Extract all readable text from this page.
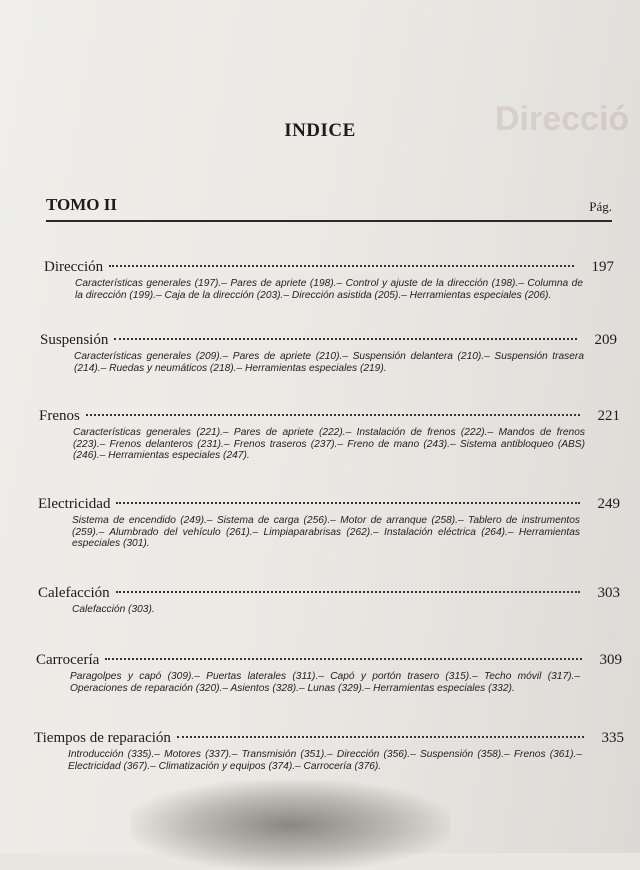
Direcció
INDICE
TOMO II	Pág.
Dirección	197
Características generales (197).– Pares de apriete (198).– Control y ajuste de la dirección (198).– Columna de la dirección (199).– Caja de la dirección (203).– Dirección asistida (205).– Herramientas especiales (206).
Suspensión	209
Características generales (209).– Pares de apriete (210).– Suspensión delantera (210).– Suspensión trasera (214).– Ruedas y neumáticos (218).– Herramientas especiales (219).
Frenos	221
Características generales (221).– Pares de apriete (222).– Instalación de frenos (222).– Mandos de frenos (223).– Frenos delanteros (231).– Frenos traseros (237).– Freno de mano (243).– Sistema antibloqueo (ABS) (246).– Herramientas especiales (247).
Electricidad	249
Sistema de encendido (249).– Sistema de carga (256).– Motor de arranque (258).– Tablero de instrumentos (259).– Alumbrado del vehículo (261).– Limpiaparabrisas (262).– Instalación eléctrica (264).– Herramientas especiales (301).
Calefacción	303
Calefacción (303).
Carrocería	309
Paragolpes y capó (309).– Puertas laterales (311).– Capó y portón trasero (315).– Techo móvil (317).– Operaciones de reparación (320).– Asientos (328).– Lunas (329).– Herramientas especiales (332).
Tiempos de reparación	335
Introducción (335).– Motores (337).– Transmisión (351).– Dirección (356).– Suspensión (358).– Frenos (361).– Electricidad (367).– Climatización y equipos (374).– Carrocería (376).
